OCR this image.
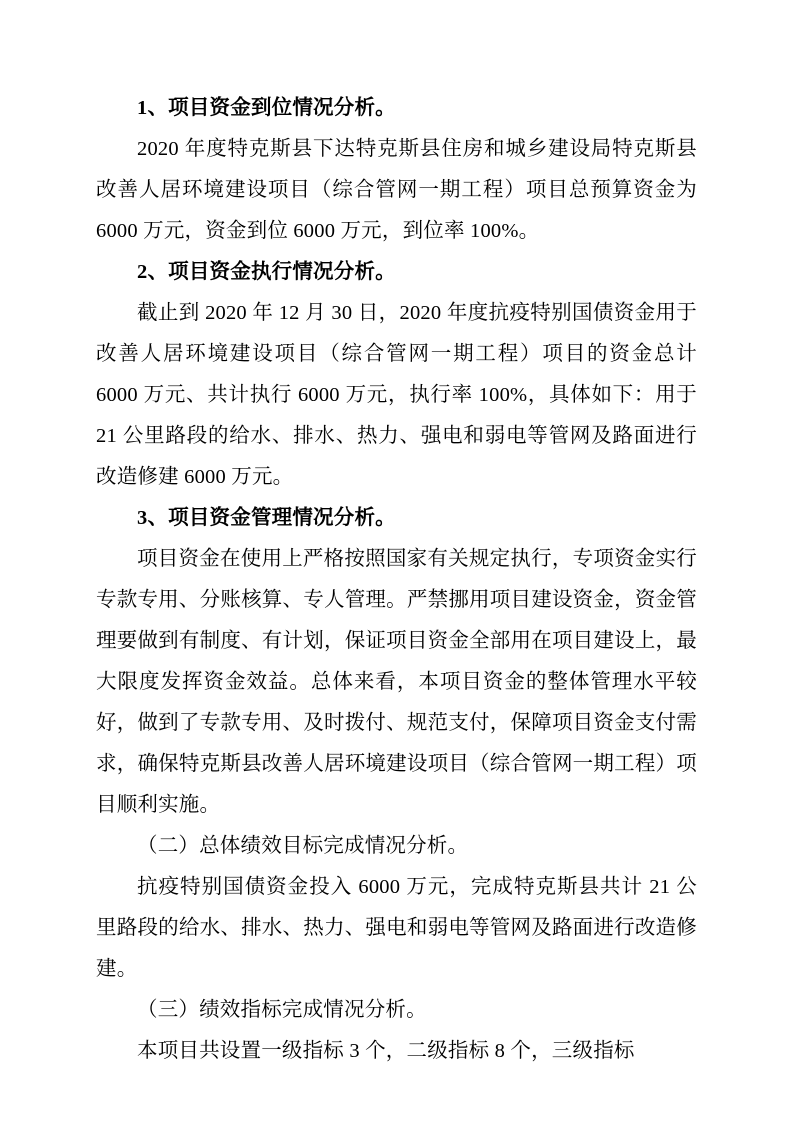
1、项目资金到位情况分析。

2020 年度特克斯县下达特克斯县住房和城乡建设局特克斯县改善人居环境建设项目（综合管网一期工程）项目总预算资金为 6000 万元，资金到位 6000 万元，到位率 100%。

2、项目资金执行情况分析。

截止到 2020 年 12 月 30 日，2020 年度抗疫特别国债资金用于改善人居环境建设项目（综合管网一期工程）项目的资金总计 6000 万元、共计执行 6000 万元，执行率 100%，具体如下：用于 21 公里路段的给水、排水、热力、强电和弱电等管网及路面进行改造修建 6000 万元。

3、项目资金管理情况分析。

项目资金在使用上严格按照国家有关规定执行，专项资金实行专款专用、分账核算、专人管理。严禁挪用项目建设资金，资金管理要做到有制度、有计划，保证项目资金全部用在项目建设上，最大限度发挥资金效益。总体来看，本项目资金的整体管理水平较好，做到了专款专用、及时拨付、规范支付，保障项目资金支付需求，确保特克斯县改善人居环境建设项目（综合管网一期工程）项目顺利实施。

（二）总体绩效目标完成情况分析。

抗疫特别国债资金投入 6000 万元，完成特克斯县共计 21 公里路段的给水、排水、热力、强电和弱电等管网及路面进行改造修建。

（三）绩效指标完成情况分析。

本项目共设置一级指标 3 个，二级指标 8 个，三级指标
